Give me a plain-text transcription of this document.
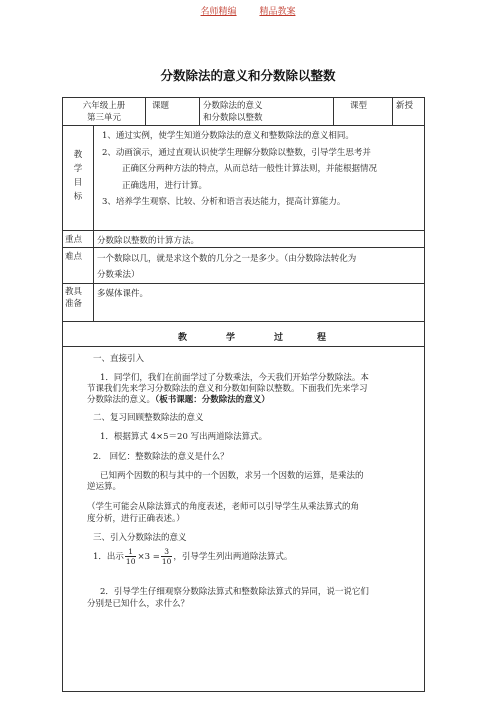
名师精编	精品教案
分数除法的意义和分数除以整数
六年级上册
第三单元
课题	分数除法的意义
和分数除以整数
课型	新授
教
学
目
标
1、通过实例，使学生知道分数除法的意义和整数除法的意义相同。
2、动画演示，通过直观认识使学生理解分数除以整数，引导学生思考并
正确区分两种方法的特点，从而总结一般性计算法则，并能根据情况
正确选用，进行计算。
3、培养学生观察、比较、分析和语言表达能力，提高计算能力。
重点	分数除以整数的计算方法。
难点	一个数除以几，就是求这个数的几分之一是多少。（由分数除法转化为
分数乘法）
教具
准备
多媒体课件。
教	学	过	程
一、直接引入
1．同学们，我们在前面学过了分数乘法，今天我们开始学分数除法。本
节课我们先来学习分数除法的意义和分数如何除以整数。下面我们先来学习
分数除法的意义。（板书课题：分数除法的意义）
二、复习回顾整数除法的意义
1．根据算式 4×5＝20 写出两道除法算式。
2.　回忆：整数除法的意义是什么？
已知两个因数的积与其中的一个因数，求另一个因数的运算，是乘法的
逆运算。
（学生可能会从除法算式的角度表述，老师可以引导学生从乘法算式的角
度分析，进行正确表述。）
三、引入分数除法的意义
1．出示 $\frac{1}{10} \times 3 = \frac{3}{10}$ ，引导学生列出两道除法算式。
2．引导学生仔细观察分数除法算式和整数除法算式的异同，说一说它们
分别是已知什么，求什么？
